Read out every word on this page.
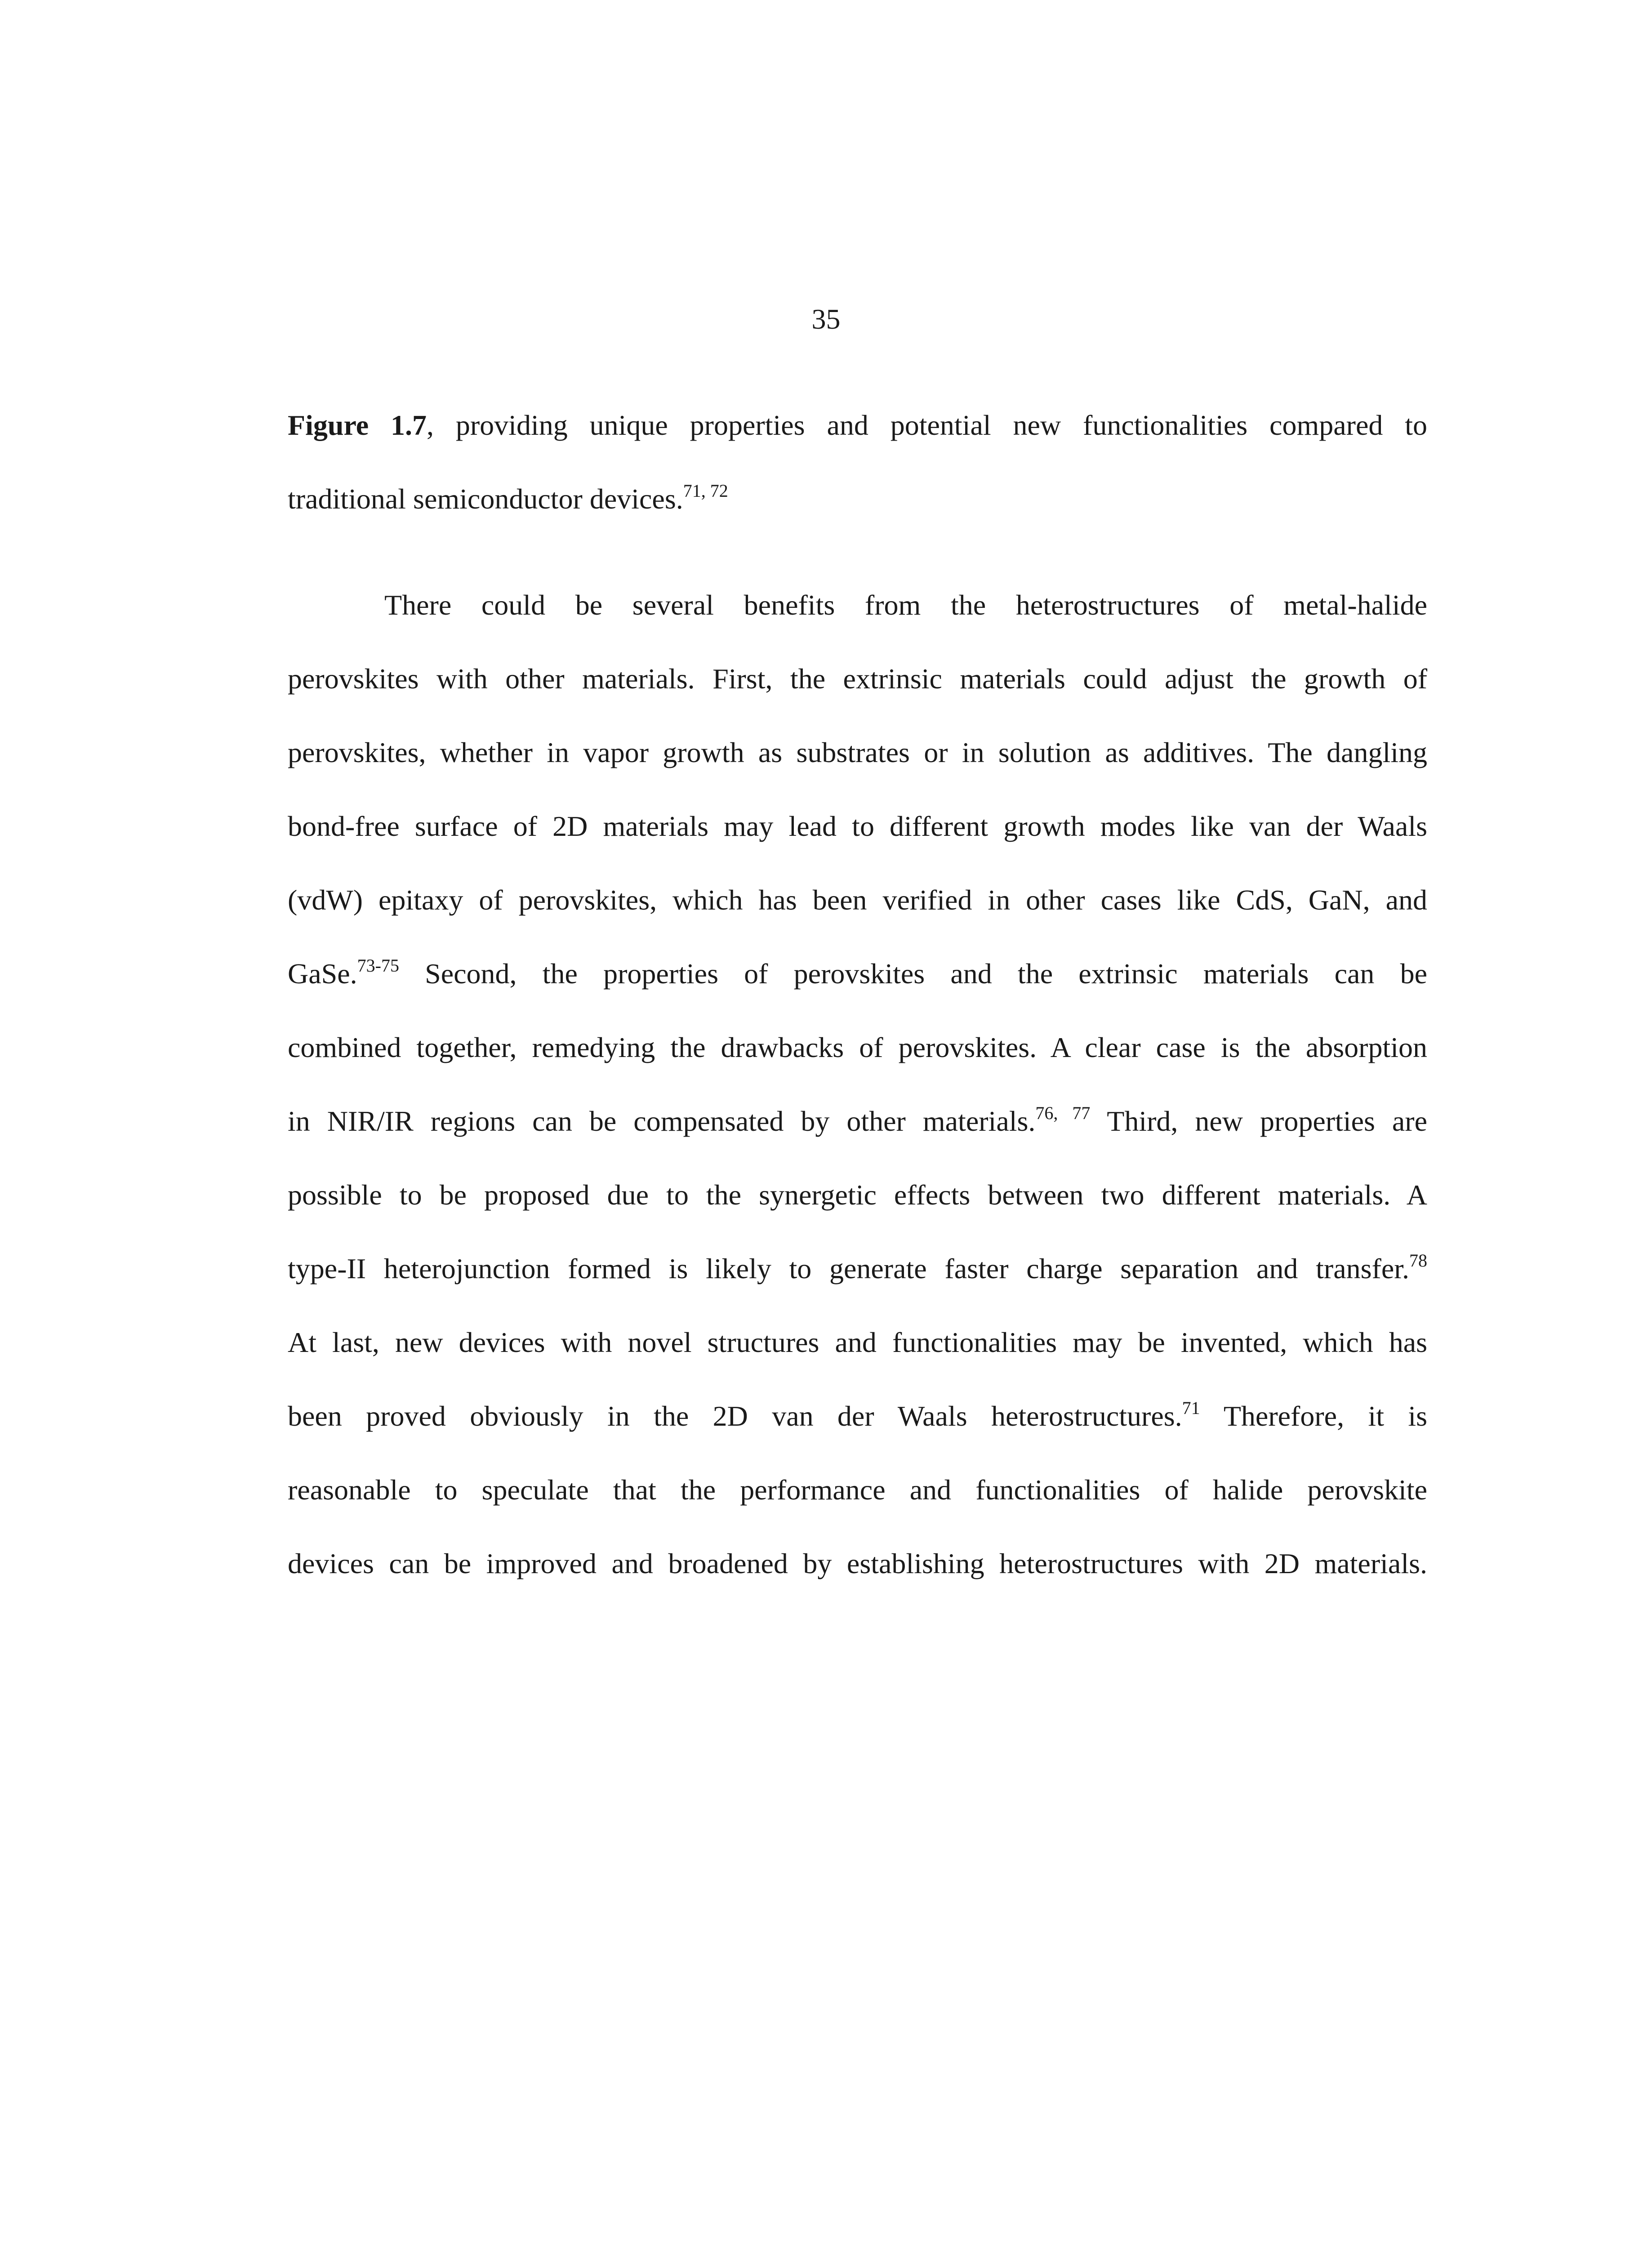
35
Figure 1.7, providing unique properties and potential new functionalities compared to
traditional semiconductor devices.$^{71, 72}$
There could be several benefits from the heterostructures of metal-halide
perovskites with other materials. First, the extrinsic materials could adjust the growth of
perovskites, whether in vapor growth as substrates or in solution as additives. The dangling
bond-free surface of 2D materials may lead to different growth modes like van der Waals
(vdW) epitaxy of perovskites, which has been verified in other cases like CdS, GaN, and
GaSe.$^{73-75}$ Second, the properties of perovskites and the extrinsic materials can be
combined together, remedying the drawbacks of perovskites. A clear case is the absorption
in NIR/IR regions can be compensated by other materials.$^{76, 77}$ Third, new properties are
possible to be proposed due to the synergetic effects between two different materials. A
type-II heterojunction formed is likely to generate faster charge separation and transfer.$^{78}$
At last, new devices with novel structures and functionalities may be invented, which has
been proved obviously in the 2D van der Waals heterostructures.$^{71}$ Therefore, it is
reasonable to speculate that the performance and functionalities of halide perovskite
devices can be improved and broadened by establishing heterostructures with 2D materials.
